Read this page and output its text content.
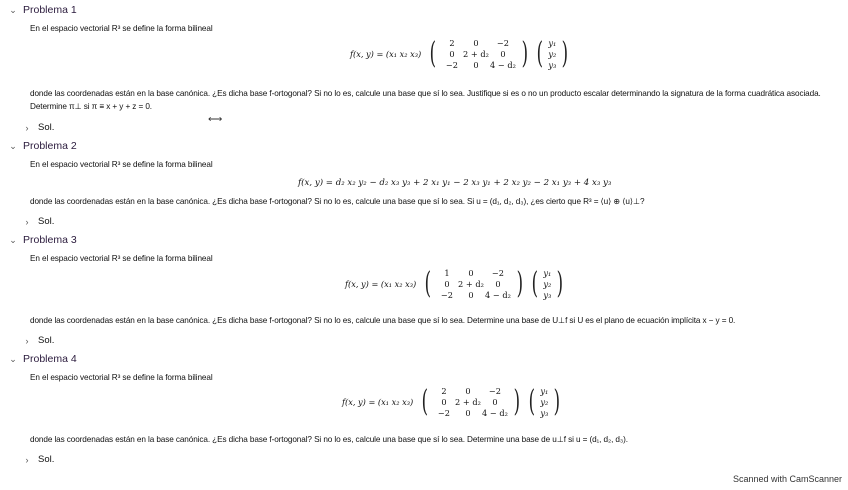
⌄ Problema 1
En el espacio vectorial R³ se define la forma bilineal
f(x, y) = (x₁ x₂ x₃) (	2	0	−2
0	2 + d₂	0
−2	0	4 − d₂ ) ( y₁
y₂
y₃ )
donde las coordenadas están en la base canónica. ¿Es dicha base f-ortogonal? Si no lo es, calcule una base que sí lo sea. Justifique si es o no un producto escalar determinando la signatura de la forma cuadrática asociada.
Determine π⊥ si π ≡ x + y + z = 0.
⟷
›	Sol.
⌄ Problema 2
En el espacio vectorial R³ se define la forma bilineal
f(x, y) = d₂ x₂ y₂ − d₂ x₃ y₃ + 2 x₁ y₁ − 2 x₃ y₁ + 2 x₂ y₂ − 2 x₁ y₃ + 4 x₃ y₃
donde las coordenadas están en la base canónica. ¿Es dicha base f-ortogonal? Si no lo es, calcule una base que sí lo sea. Si u = (d₁, d₂, d₃), ¿es cierto que R³ = ⟨u⟩ ⊕ ⟨u⟩⊥?
›	Sol.
⌄ Problema 3
En el espacio vectorial R³ se define la forma bilineal
f(x, y) = (x₁ x₂ x₃) (	1	0	−2
0	2 + d₂	0
−2	0	4 − d₂ ) ( y₁
y₂
y₃ )
donde las coordenadas están en la base canónica. ¿Es dicha base f-ortogonal? Si no lo es, calcule una base que sí lo sea. Determine una base de U⊥f si U es el plano de ecuación implícita x − y = 0.
›	Sol.
⌄ Problema 4
En el espacio vectorial R³ se define la forma bilineal
f(x, y) = (x₁ x₂ x₃) (	2	0	−2
0	2 + d₂	0
−2	0	4 − d₂ ) ( y₁
y₂
y₃ )
donde las coordenadas están en la base canónica. ¿Es dicha base f-ortogonal? Si no lo es, calcule una base que sí lo sea. Determine una base de u⊥f si u = (d₁, d₂, d₃).
›	Sol.
Scanned with CamScanner
